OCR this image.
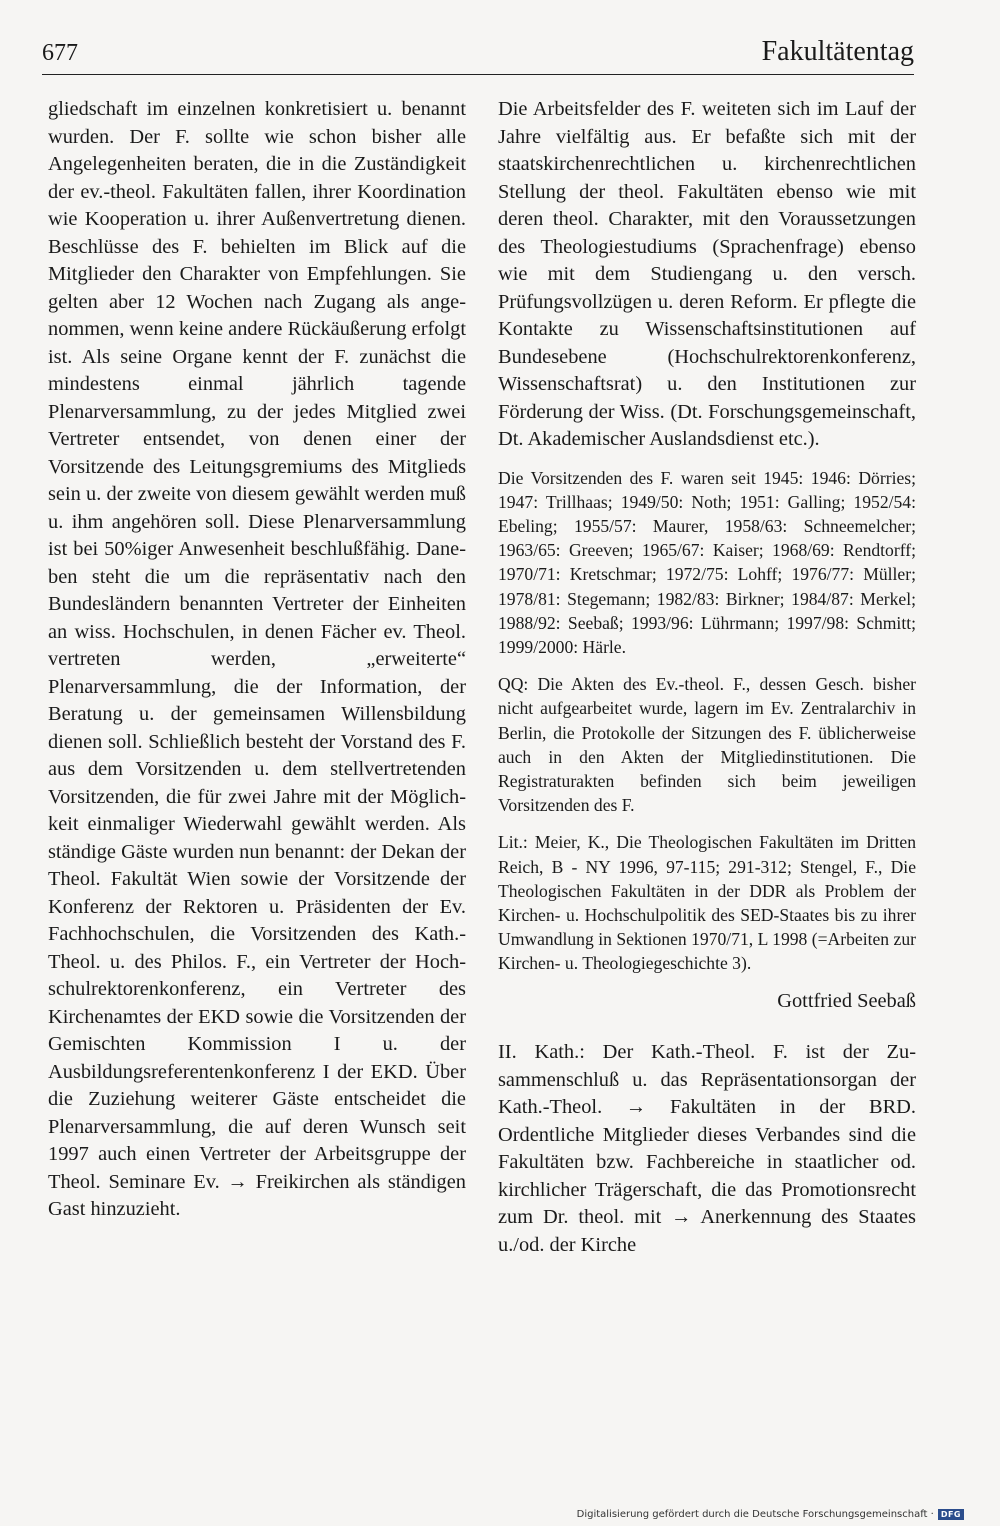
677	Fakultätentag

gliedschaft im einzelnen konkretisiert u. benannt wurden. Der F. sollte wie schon bisher alle Angelegenheiten beraten, die in die Zuständigkeit der ev.-theol. Fakultäten fallen, ihrer Koordination wie Kooperation u. ihrer Außenvertretung dienen. Beschlüsse des F. behielten im Blick auf die Mitglieder den Charakter von Empfehlungen. Sie gelten aber 12 Wochen nach Zugang als angenommen, wenn keine andere Rückäußerung erfolgt ist. Als seine Organe kennt der F. zunächst die mindestens einmal jährlich tagende Plenarversammlung, zu der jedes Mitglied zwei Vertreter entsendet, von denen einer der Vorsitzende des Leitungsgremiums des Mitglieds sein u. der zweite von diesem gewählt werden muß u. ihm angehören soll. Diese Plenarversammlung ist bei 50%iger Anwesenheit beschlußfähig. Daneben steht die um die repräsentativ nach den Bundesländern benannten Vertreter der Einheiten an wiss. Hochschulen, in denen Fächer ev. Theol. vertreten werden, „erweiterte“ Plenarversammlung, die der Information, der Beratung u. der gemeinsamen Willensbildung dienen soll. Schließlich besteht der Vorstand des F. aus dem Vorsitzenden u. dem stellvertretenden Vorsitzenden, die für zwei Jahre mit der Möglichkeit einmaliger Wiederwahl gewählt werden. Als ständige Gäste wurden nun benannt: der Dekan der Theol. Fakultät Wien sowie der Vorsitzende der Konferenz der Rektoren u. Präsidenten der Ev. Fachhochschulen, die Vorsitzenden des Kath.-Theol. u. des Philos. F., ein Vertreter der Hochschulrektorenkonferenz, ein Vertreter des Kirchenamtes der EKD sowie die Vorsitzenden der Gemischten Kommission I u. der Ausbildungsreferentenkonferenz I der EKD. Über die Zuziehung weiterer Gäste entscheidet die Plenarversammlung, die auf deren Wunsch seit 1997 auch einen Vertreter der Arbeitsgruppe der Theol. Seminare Ev. → Freikirchen als ständigen Gast hinzuzieht.

Die Arbeitsfelder des F. weiteten sich im Lauf der Jahre vielfältig aus. Er befaßte sich mit der staatskirchenrechtlichen u. kirchenrechtlichen Stellung der theol. Fakultäten ebenso wie mit deren theol. Charakter, mit den Voraussetzungen des Theologiestudiums (Sprachenfrage) ebenso wie mit dem Studiengang u. den versch. Prüfungsvollzügen u. deren Reform. Er pflegte die Kontakte zu Wissenschaftsinstitutionen auf Bundesebene (Hochschulrektorenkonferenz, Wissenschaftsrat) u. den Institutionen zur Förderung der Wiss. (Dt. Forschungsgemeinschaft, Dt. Akademischer Auslandsdienst etc.).

Die Vorsitzenden des F. waren seit 1945: 1946: Dörries; 1947: Trillhaas; 1949/50: Noth; 1951: Galling; 1952/54: Ebeling; 1955/57: Maurer, 1958/63: Schneemelcher; 1963/65: Greeven; 1965/67: Kaiser; 1968/69: Rendtorff; 1970/71: Kretschmar; 1972/75: Lohff; 1976/77: Müller; 1978/81: Stegemann; 1982/83: Birkner; 1984/87: Merkel; 1988/92: Seebaß; 1993/96: Lührmann; 1997/98: Schmitt; 1999/2000: Härle.

QQ: Die Akten des Ev.-theol. F., dessen Gesch. bisher nicht aufgearbeitet wurde, lagern im Ev. Zentralarchiv in Berlin, die Protokolle der Sitzungen des F. üblicherweise auch in den Akten der Mitgliedinstitutionen. Die Registraturakten befinden sich beim jeweiligen Vorsitzenden des F.

Lit.: Meier, K., Die Theologischen Fakultäten im Dritten Reich, B - NY 1996, 97-115; 291-312; Stengel, F., Die Theologischen Fakultäten in der DDR als Problem der Kirchen- u. Hochschulpolitik des SED-Staates bis zu ihrer Umwandlung in Sektionen 1970/71, L 1998 (=Arbeiten zur Kirchen- u. Theologiegeschichte 3).

Gottfried Seebaß

II. Kath.: Der Kath.-Theol. F. ist der Zusammenschluß u. das Repräsentationsorgan der Kath.-Theol. → Fakultäten in der BRD. Ordentliche Mitglieder dieses Verbandes sind die Fakultäten bzw. Fachbereiche in staatlicher od. kirchlicher Trägerschaft, die das Promotionsrecht zum Dr. theol. mit → Anerkennung des Staates u./od. der Kirche

Digitalisierung gefördert durch die Deutsche Forschungsgemeinschaft · DFG
